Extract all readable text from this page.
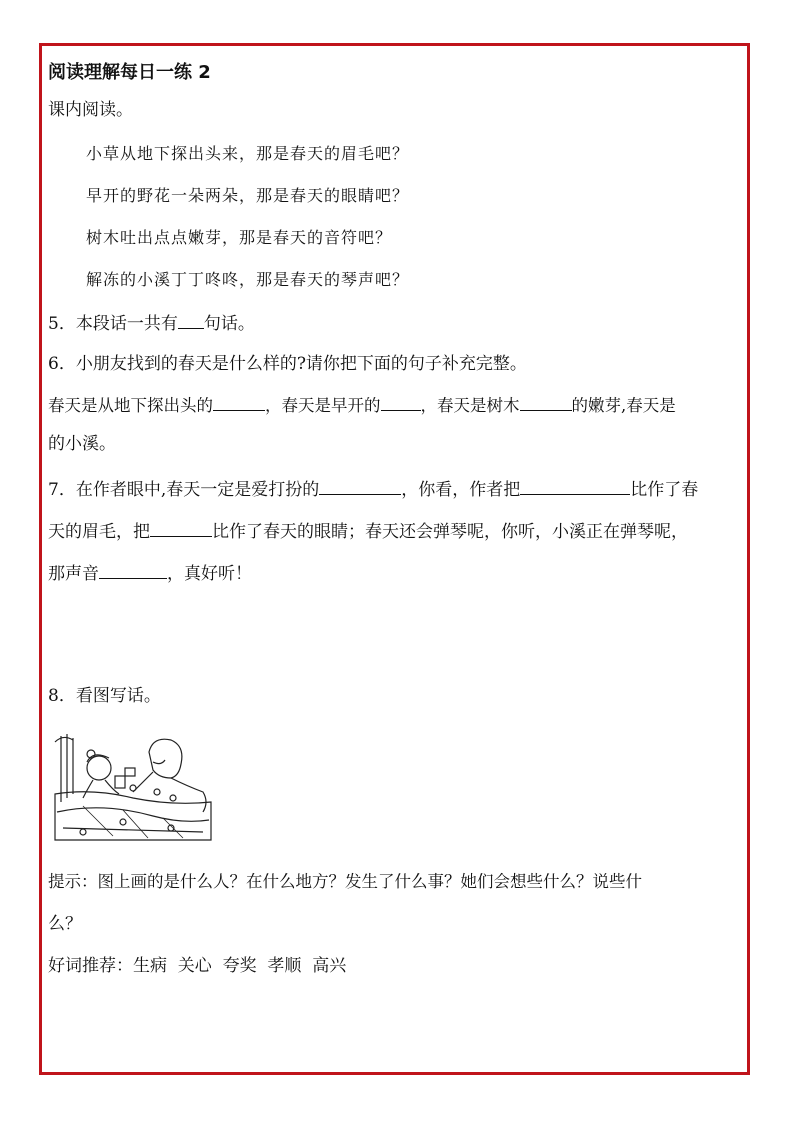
阅读理解每日一练 2
课内阅读。
小草从地下探出头来，那是春天的眉毛吧？
早开的野花一朵两朵，那是春天的眼睛吧？
树木吐出点点嫩芽，那是春天的音符吧？
解冻的小溪丁丁咚咚，那是春天的琴声吧？
5．本段话一共有 句话。
6．小朋友找到的春天是什么样的?请你把下面的句子补充完整。
春天是从地下探出头的	，春天是早开的 ，春天是树木	的嫩芽,春天是
的小溪。
7．在作者眼中,春天一定是爱打扮的	，你看，作者把	比作了春
天的眉毛，把	比作了春天的眼睛；春天还会弹琴呢，你听，小溪正在弹琴呢，
那声音	，真好听！
8．看图写话。
提示：图上画的是什么人？在什么地方？发生了什么事？她们会想些什么？说些什
么？
好词推荐：生病  关心  夸奖  孝顺  高兴
